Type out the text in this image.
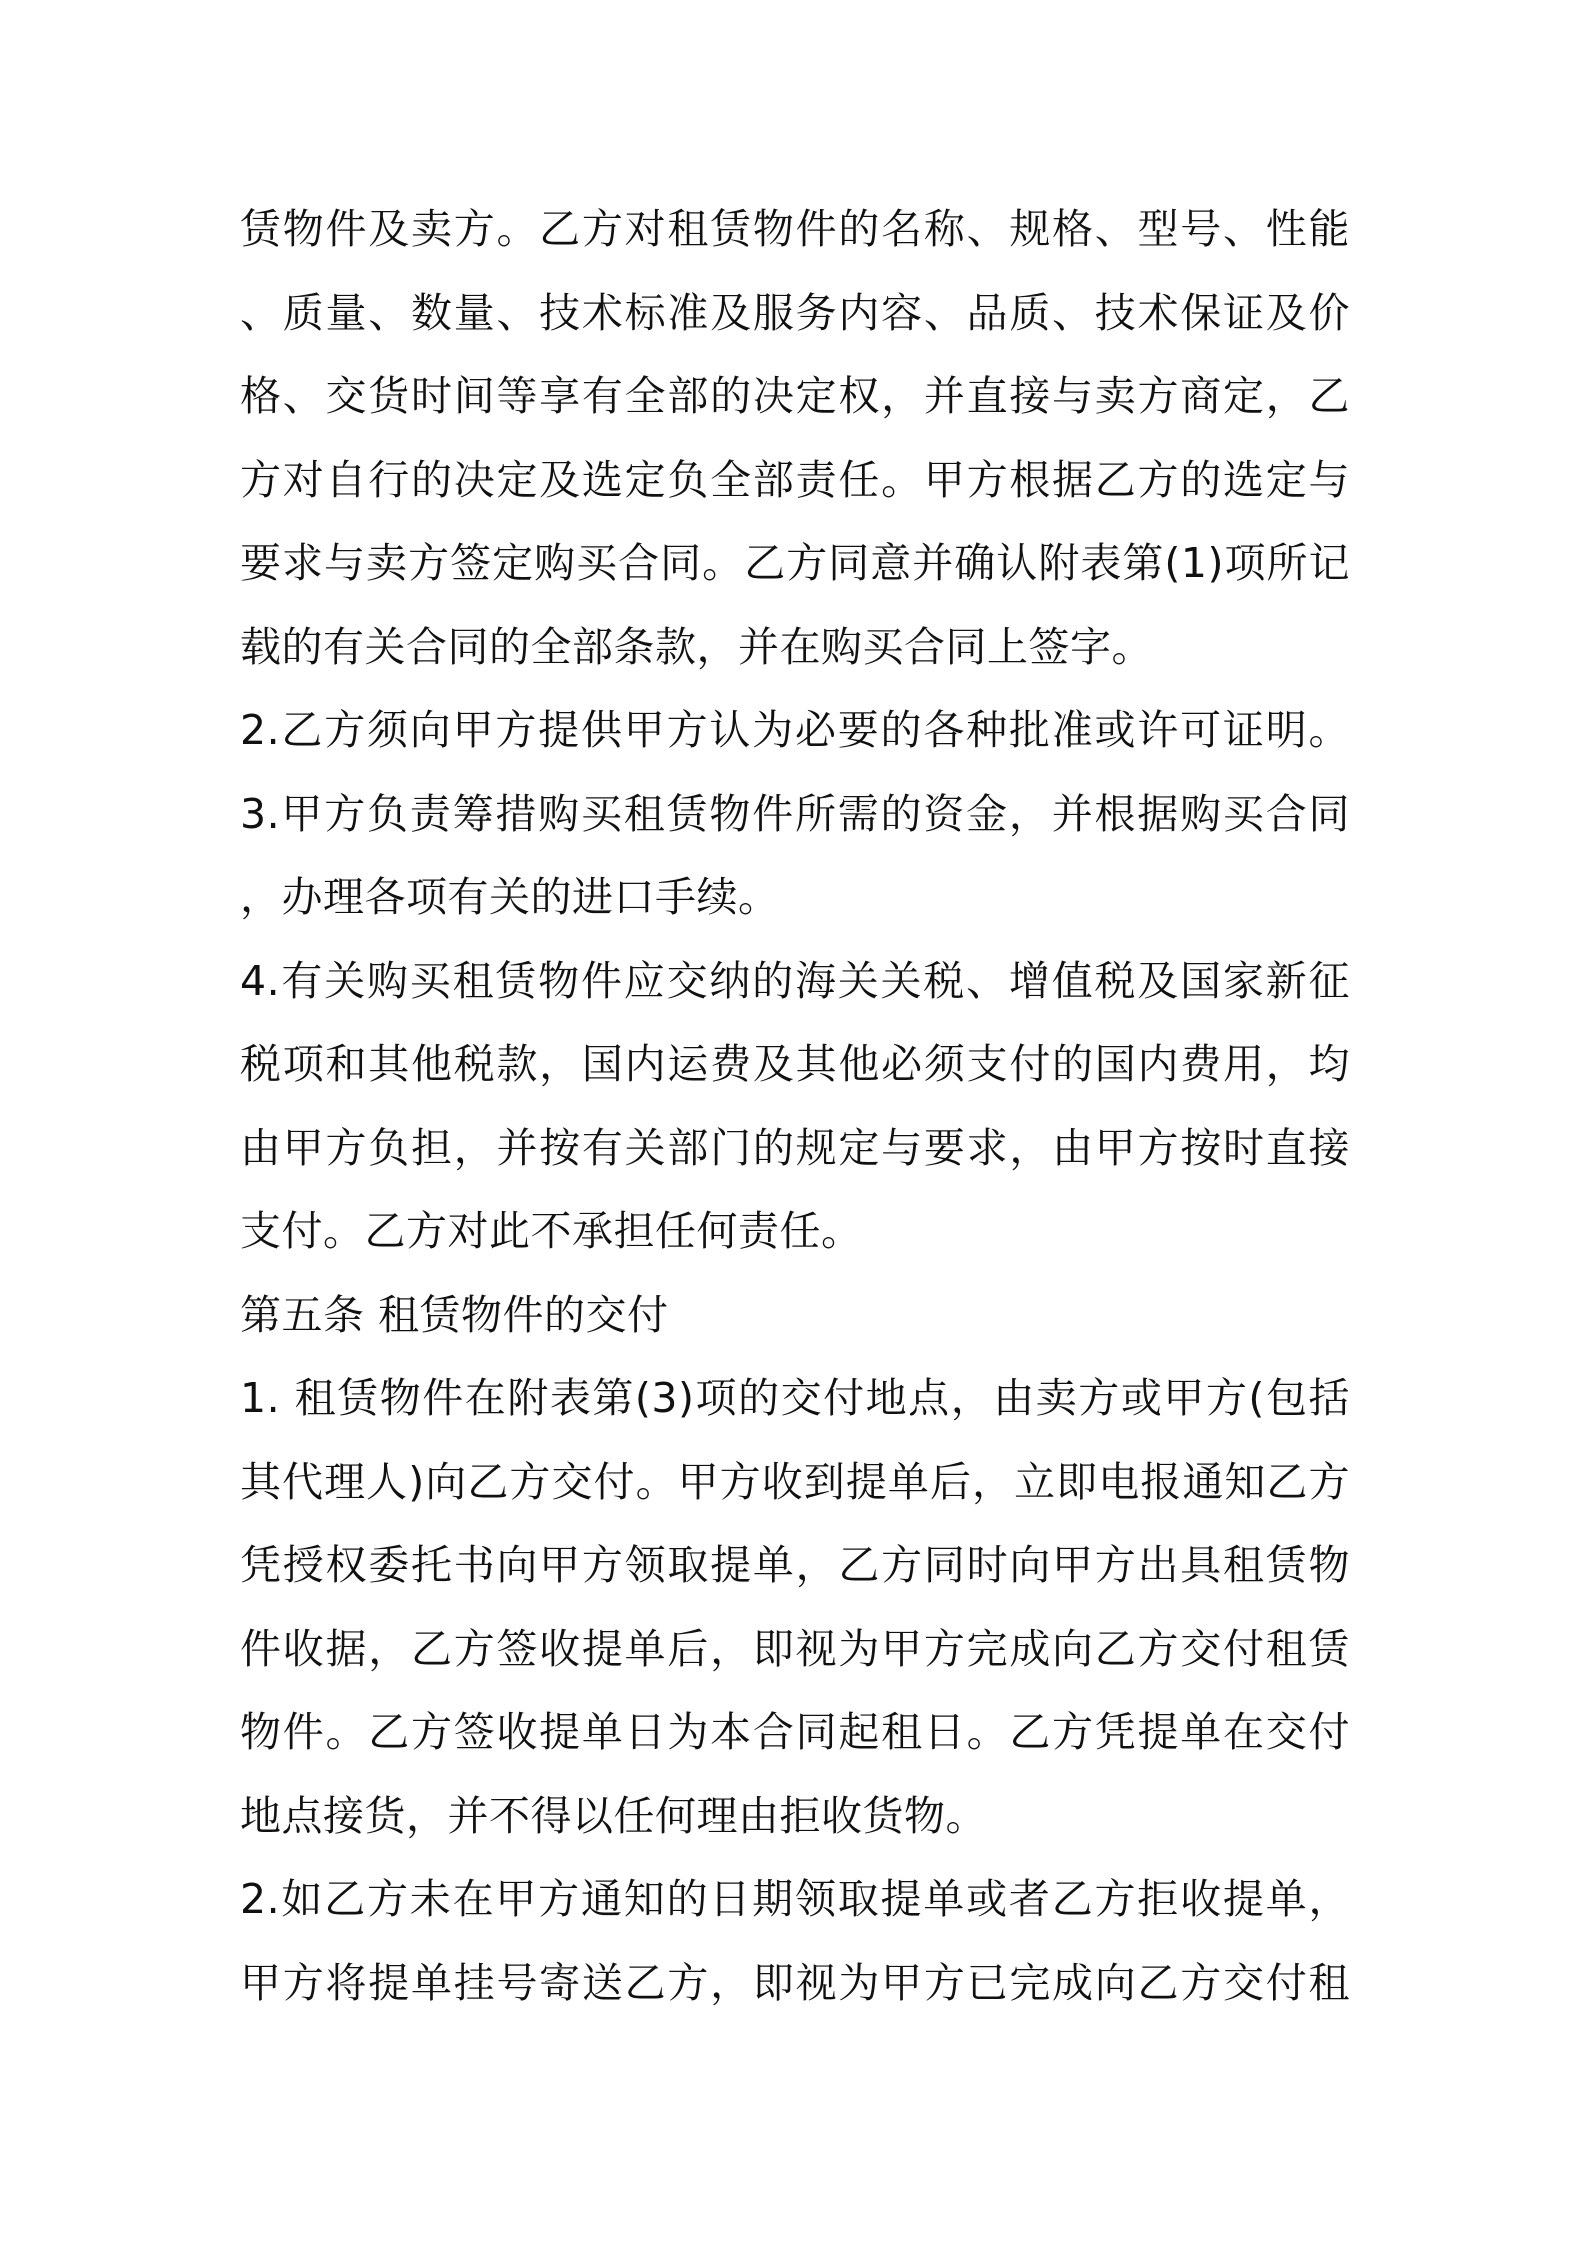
赁物件及卖方。乙方对租赁物件的名称、规格、型号、性能
、质量、数量、技术标准及服务内容、品质、技术保证及价
格、交货时间等享有全部的决定权，并直接与卖方商定，乙
方对自行的决定及选定负全部责任。甲方根据乙方的选定与
要求与卖方签定购买合同。乙方同意并确认附表第(1)项所记
载的有关合同的全部条款，并在购买合同上签字。
2.乙方须向甲方提供甲方认为必要的各种批准或许可证明。
3.甲方负责筹措购买租赁物件所需的资金，并根据购买合同
，办理各项有关的进口手续。
4.有关购买租赁物件应交纳的海关关税、增值税及国家新征
税项和其他税款，国内运费及其他必须支付的国内费用，均
由甲方负担，并按有关部门的规定与要求，由甲方按时直接
支付。乙方对此不承担任何责任。
第五条 租赁物件的交付
1. 租赁物件在附表第(3)项的交付地点，由卖方或甲方(包括
其代理人)向乙方交付。甲方收到提单后，立即电报通知乙方
凭授权委托书向甲方领取提单，乙方同时向甲方出具租赁物
件收据，乙方签收提单后，即视为甲方完成向乙方交付租赁
物件。乙方签收提单日为本合同起租日。乙方凭提单在交付
地点接货，并不得以任何理由拒收货物。
2.如乙方未在甲方通知的日期领取提单或者乙方拒收提单，
甲方将提单挂号寄送乙方，即视为甲方已完成向乙方交付租
